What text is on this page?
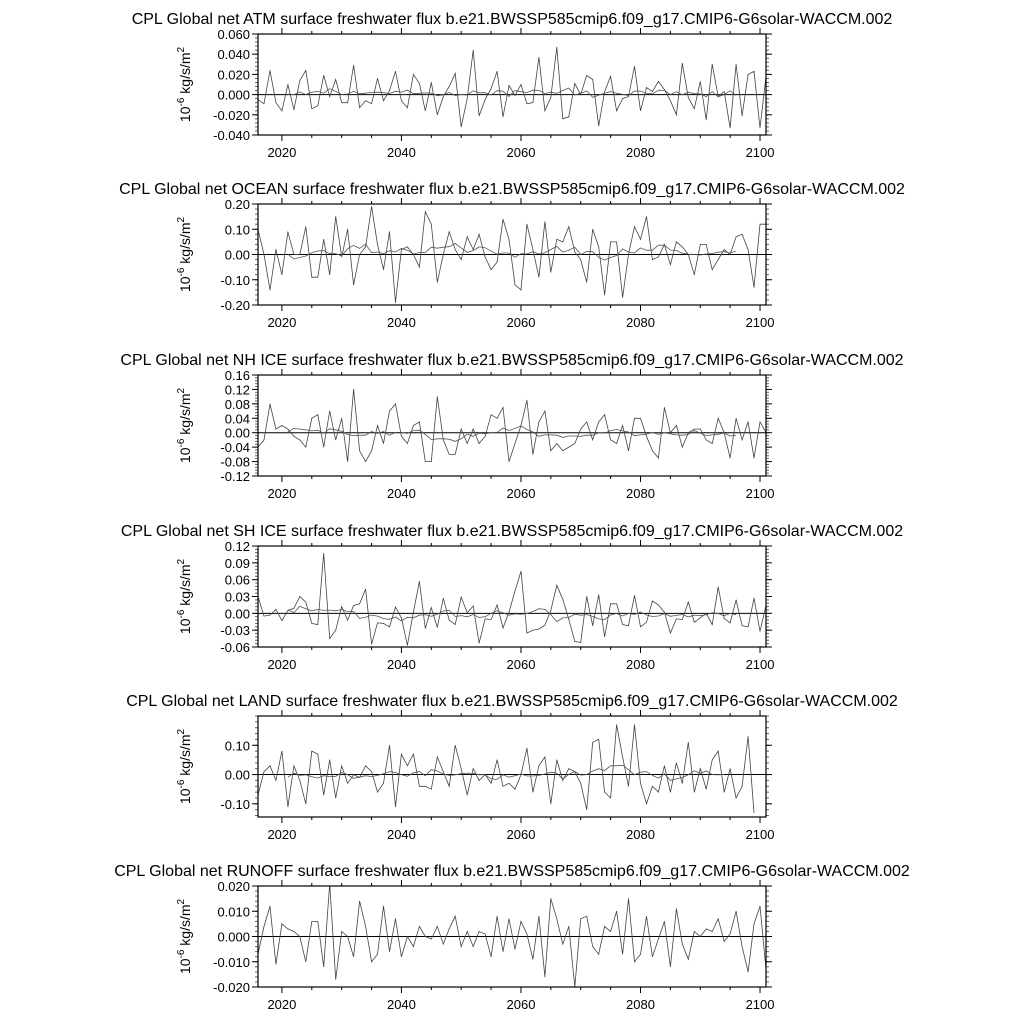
CPL Global net ATM surface freshwater flux b.e21.BWSSP585cmip6.f09_g17.CMIP6-G6solar-WACCM.002
2020	2040	2060	2080	2100
0.060
0.040
0.020
0.000
-0.020
-0.040
$10^{-6}$ $kg/s/m^2$
CPL Global net OCEAN surface freshwater flux b.e21.BWSSP585cmip6.f09_g17.CMIP6-G6solar-WACCM.002
2020	2040	2060	2080	2100
0.20
0.10
0.00
-0.10
-0.20
$10^{-6}$ $kg/s/m^2$
CPL Global net NH ICE surface freshwater flux b.e21.BWSSP585cmip6.f09_g17.CMIP6-G6solar-WACCM.002
2020	2040	2060	2080	2100
0.16
0.12
0.08
0.04
0.00
-0.04
-0.08
-0.12
$10^{-6}$ $kg/s/m^2$
CPL Global net SH ICE surface freshwater flux b.e21.BWSSP585cmip6.f09_g17.CMIP6-G6solar-WACCM.002
2020	2040	2060	2080	2100
0.12
0.09
0.06
0.03
0.00
-0.03
-0.06
$10^{-6}$ $kg/s/m^2$
CPL Global net LAND surface freshwater flux b.e21.BWSSP585cmip6.f09_g17.CMIP6-G6solar-WACCM.002
2020	2040	2060	2080	2100
0.10
0.00
-0.10
$10^{-6}$ $kg/s/m^2$
CPL Global net RUNOFF surface freshwater flux b.e21.BWSSP585cmip6.f09_g17.CMIP6-G6solar-WACCM.002
2020	2040	2060	2080	2100
0.020
0.010
0.000
-0.010
-0.020
$10^{-6}$ $kg/s/m^2$
